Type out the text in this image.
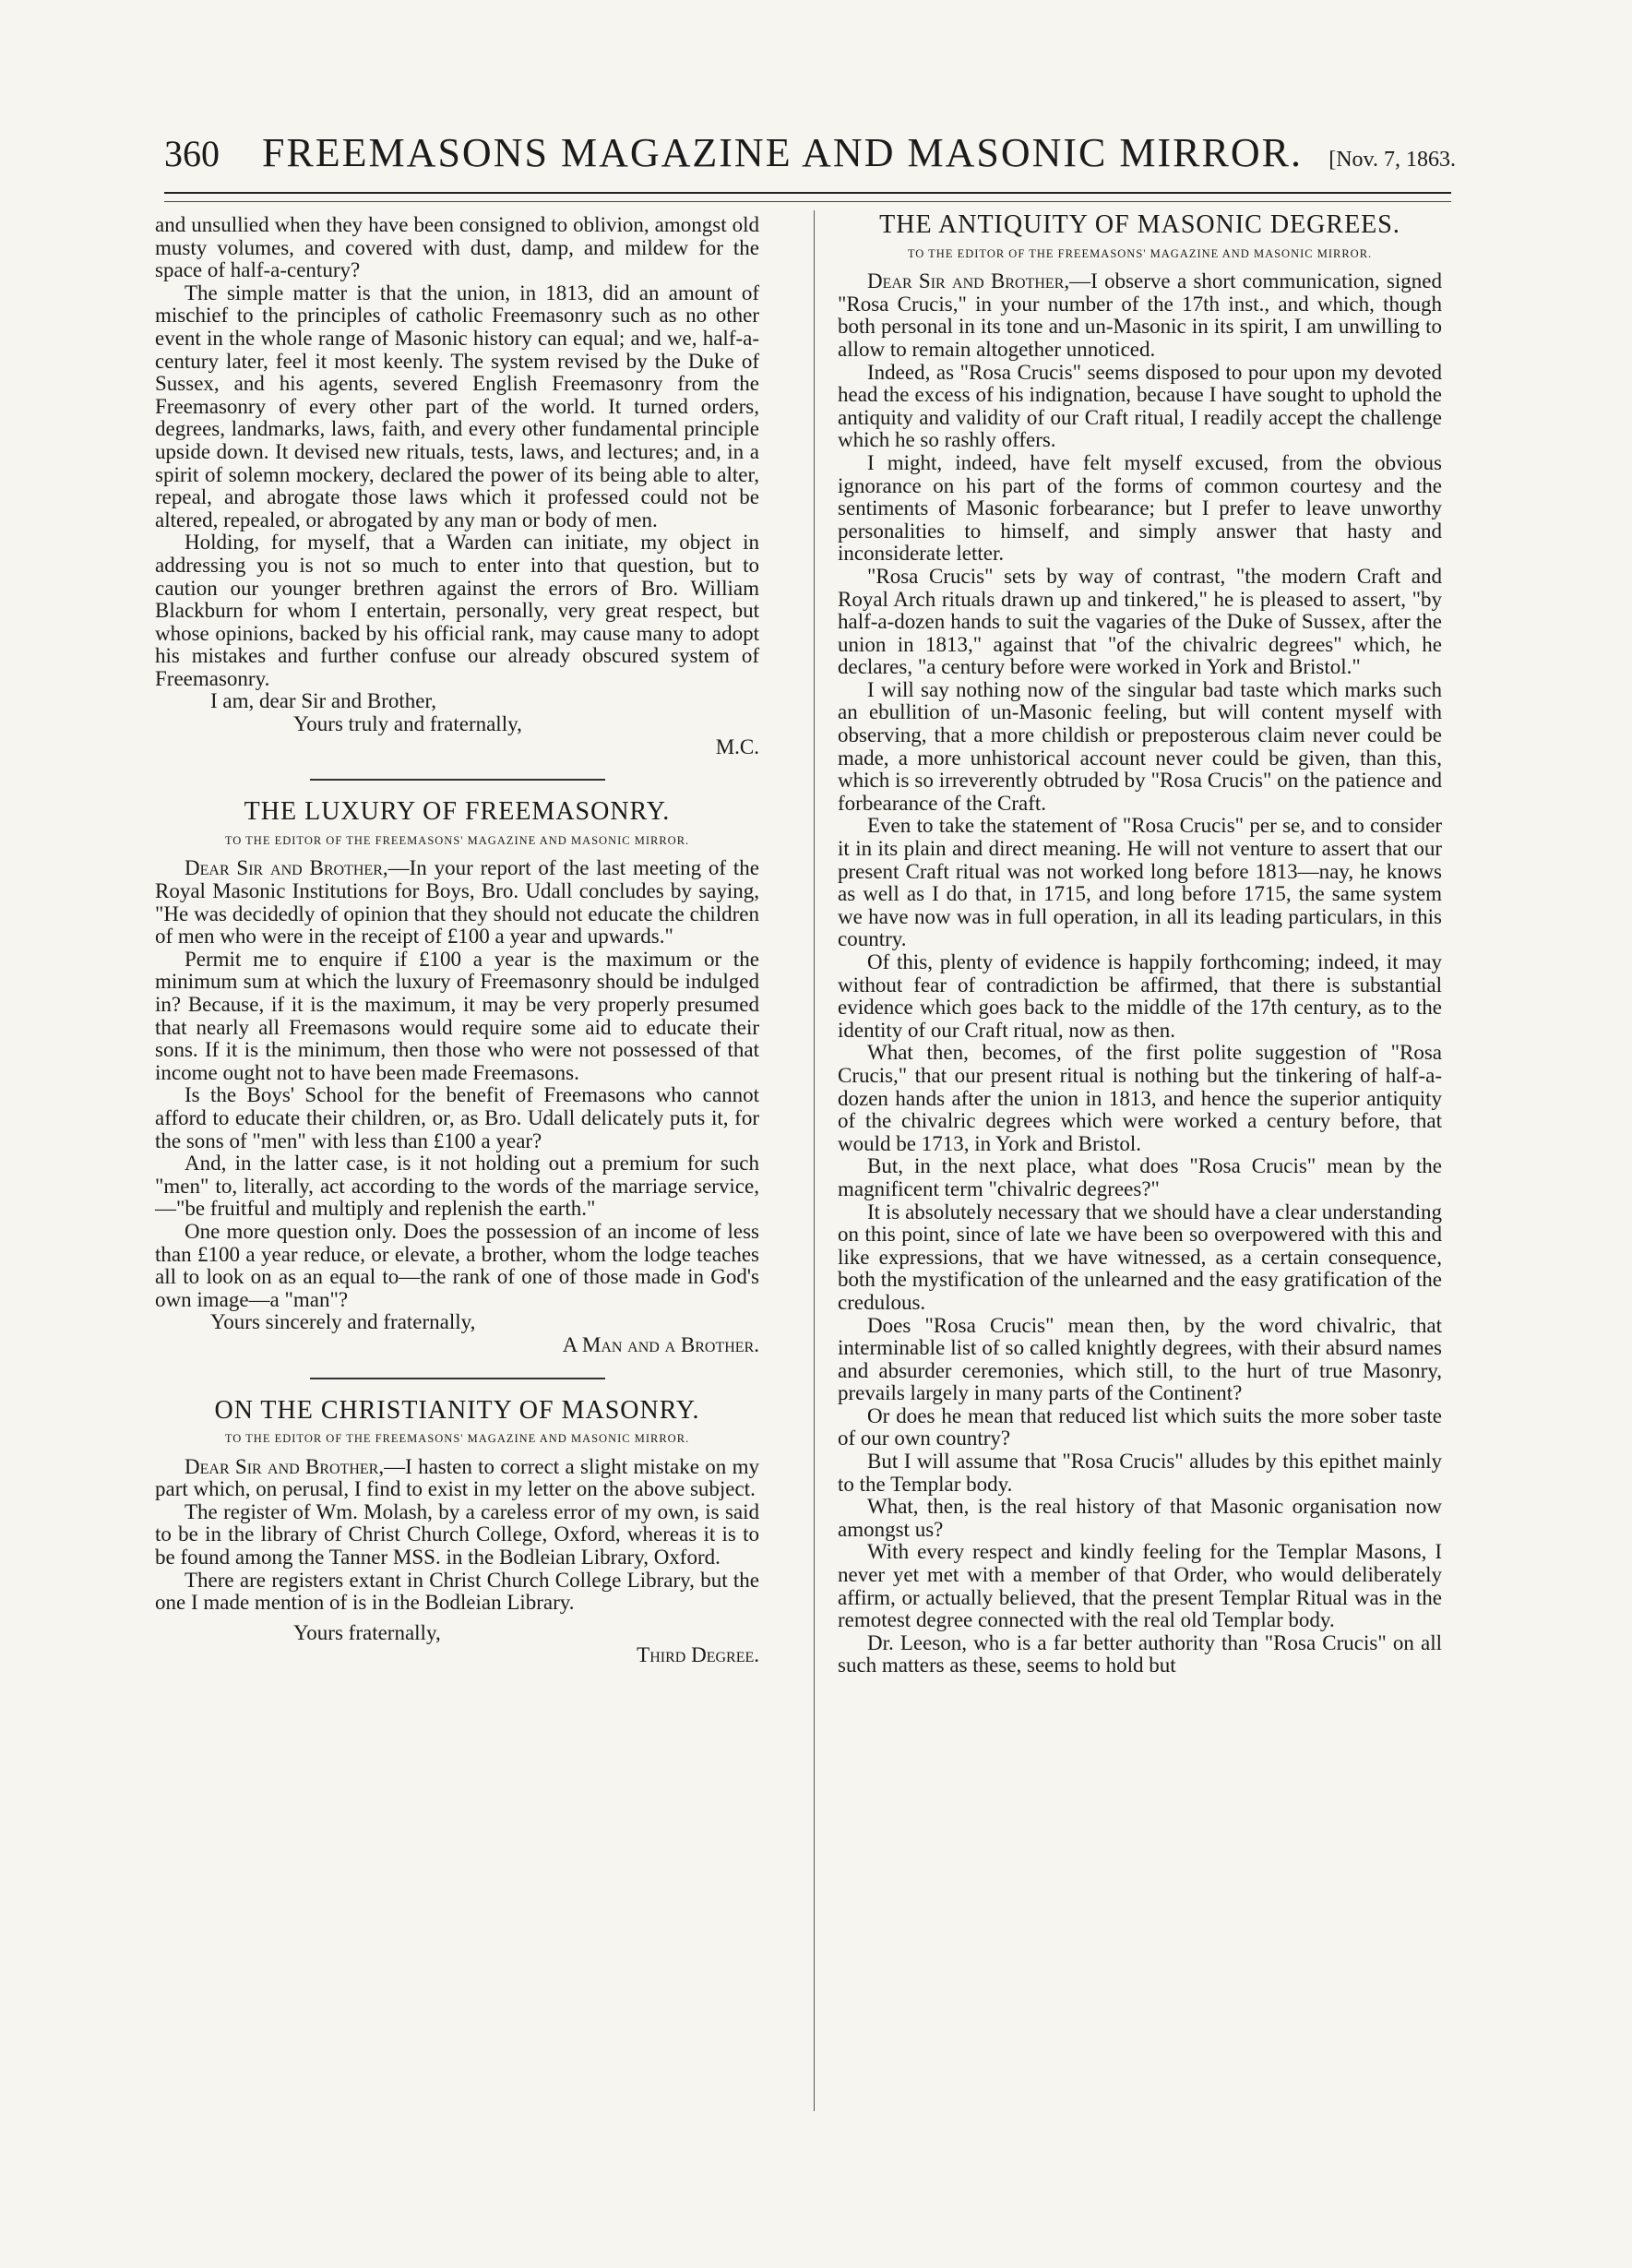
360	FREEMASONS MAGAZINE AND MASONIC MIRROR.	[Nov. 7, 1863.

and unsullied when they have been consigned to oblivion, amongst old musty volumes, and covered with dust, damp, and mildew for the space of half-a-century?

The simple matter is that the union, in 1813, did an amount of mischief to the principles of catholic Freemasonry such as no other event in the whole range of Masonic history can equal; and we, half-a-century later, feel it most keenly. The system revised by the Duke of Sussex, and his agents, severed English Freemasonry from the Freemasonry of every other part of the world. It turned orders, degrees, landmarks, laws, faith, and every other fundamental principle upside down. It devised new rituals, tests, laws, and lectures; and, in a spirit of solemn mockery, declared the power of its being able to alter, repeal, and abrogate those laws which it professed could not be altered, repealed, or abrogated by any man or body of men.

Holding, for myself, that a Warden can initiate, my object in addressing you is not so much to enter into that question, but to caution our younger brethren against the errors of Bro. William Blackburn for whom I entertain, personally, very great respect, but whose opinions, backed by his official rank, may cause many to adopt his mistakes and further confuse our already obscured system of Freemasonry.

I am, dear Sir and Brother,
Yours truly and fraternally,
M.C.
THE LUXURY OF FREEMASONRY.
TO THE EDITOR OF THE FREEMASONS' MAGAZINE AND MASONIC MIRROR.

Dear Sir and Brother,—In your report of the last meeting of the Royal Masonic Institutions for Boys, Bro. Udall concludes by saying, "He was decidedly of opinion that they should not educate the children of men who were in the receipt of £100 a year and upwards."

Permit me to enquire if £100 a year is the maximum or the minimum sum at which the luxury of Freemasonry should be indulged in? Because, if it is the maximum, it may be very properly presumed that nearly all Freemasons would require some aid to educate their sons. If it is the minimum, then those who were not possessed of that income ought not to have been made Freemasons.

Is the Boys' School for the benefit of Freemasons who cannot afford to educate their children, or, as Bro. Udall delicately puts it, for the sons of "men" with less than £100 a year?

And, in the latter case, is it not holding out a premium for such "men" to, literally, act according to the words of the marriage service,—"be fruitful and multiply and replenish the earth."

One more question only. Does the possession of an income of less than £100 a year reduce, or elevate, a brother, whom the lodge teaches all to look on as an equal to—the rank of one of those made in God's own image—a "man"?

Yours sincerely and fraternally,
A Man and a Brother.
ON THE CHRISTIANITY OF MASONRY.
TO THE EDITOR OF THE FREEMASONS' MAGAZINE AND MASONIC MIRROR.

Dear Sir and Brother,—I hasten to correct a slight mistake on my part which, on perusal, I find to exist in my letter on the above subject.

The register of Wm. Molash, by a careless error of my own, is said to be in the library of Christ Church College, Oxford, whereas it is to be found among the Tanner MSS. in the Bodleian Library, Oxford.

There are registers extant in Christ Church College Library, but the one I made mention of is in the Bodleian Library.

Yours fraternally,
Third Degree.
THE ANTIQUITY OF MASONIC DEGREES.
TO THE EDITOR OF THE FREEMASONS' MAGAZINE AND MASONIC MIRROR.

Dear Sir and Brother,—I observe a short communication, signed "Rosa Crucis," in your number of the 17th inst., and which, though both personal in its tone and un-Masonic in its spirit, I am unwilling to allow to remain altogether unnoticed.

Indeed, as "Rosa Crucis" seems disposed to pour upon my devoted head the excess of his indignation, because I have sought to uphold the antiquity and validity of our Craft ritual, I readily accept the challenge which he so rashly offers.

I might, indeed, have felt myself excused, from the obvious ignorance on his part of the forms of common courtesy and the sentiments of Masonic forbearance; but I prefer to leave unworthy personalities to himself, and simply answer that hasty and inconsiderate letter.

"Rosa Crucis" sets by way of contrast, "the modern Craft and Royal Arch rituals drawn up and tinkered," he is pleased to assert, "by half-a-dozen hands to suit the vagaries of the Duke of Sussex, after the union in 1813," against that "of the chivalric degrees" which, he declares, "a century before were worked in York and Bristol."

I will say nothing now of the singular bad taste which marks such an ebullition of un-Masonic feeling, but will content myself with observing, that a more childish or preposterous claim never could be made, a more unhistorical account never could be given, than this, which is so irreverently obtruded by "Rosa Crucis" on the patience and forbearance of the Craft.

Even to take the statement of "Rosa Crucis" per se, and to consider it in its plain and direct meaning. He will not venture to assert that our present Craft ritual was not worked long before 1813—nay, he knows as well as I do that, in 1715, and long before 1715, the same system we have now was in full operation, in all its leading particulars, in this country.

Of this, plenty of evidence is happily forthcoming; indeed, it may without fear of contradiction be affirmed, that there is substantial evidence which goes back to the middle of the 17th century, as to the identity of our Craft ritual, now as then.

What then, becomes, of the first polite suggestion of "Rosa Crucis," that our present ritual is nothing but the tinkering of half-a-dozen hands after the union in 1813, and hence the superior antiquity of the chivalric degrees which were worked a century before, that would be 1713, in York and Bristol.

But, in the next place, what does "Rosa Crucis" mean by the magnificent term "chivalric degrees?"

It is absolutely necessary that we should have a clear understanding on this point, since of late we have been so overpowered with this and like expressions, that we have witnessed, as a certain consequence, both the mystification of the unlearned and the easy gratification of the credulous.

Does "Rosa Crucis" mean then, by the word chivalric, that interminable list of so called knightly degrees, with their absurd names and absurder ceremonies, which still, to the hurt of true Masonry, prevails largely in many parts of the Continent?

Or does he mean that reduced list which suits the more sober taste of our own country?

But I will assume that "Rosa Crucis" alludes by this epithet mainly to the Templar body.

What, then, is the real history of that Masonic organisation now amongst us?

With every respect and kindly feeling for the Templar Masons, I never yet met with a member of that Order, who would deliberately affirm, or actually believed, that the present Templar Ritual was in the remotest degree connected with the real old Templar body.

Dr. Leeson, who is a far better authority than "Rosa Crucis" on all such matters as these, seems to hold but
